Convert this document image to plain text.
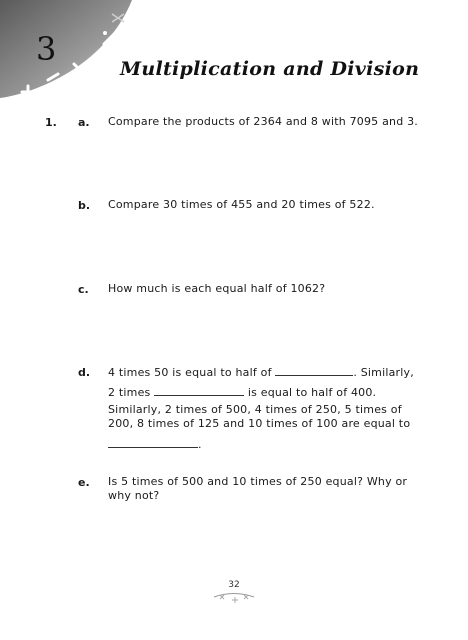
3
Multiplication and Division
1. a. Compare the products of 2364 and 8 with 7095 and 3.
b. Compare 30 times of 455 and 20 times of 522.
c. How much is each equal half of 1062?
d. 4 times 50 is equal to half of	. Similarly,
2 times	is equal to half of 400.
Similarly, 2 times of 500, 4 times of 250, 5 times of
200, 8 times of 125 and 10 times of 100 are equal to
.
e. Is 5 times of 500 and 10 times of 250 equal? Why or
why not?
32
